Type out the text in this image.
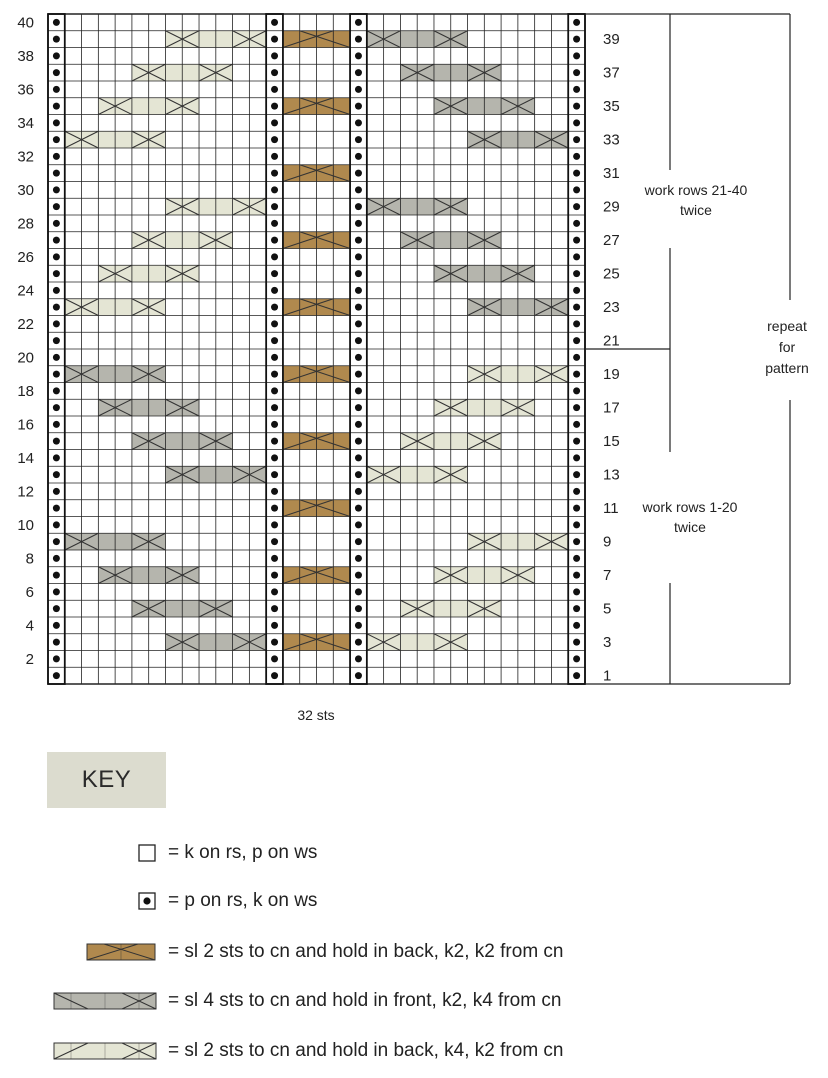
40
38
36
34
32
30
28
26
24
22
20
18
16
14
12
10
8
6
4
2
39
37
35
33
31
29
27
25
23
21
19
17
15
13
11
9
7
5
3
1
work rows 21-40 twice
work rows 1-20 twice
repeat for pattern
32 sts
KEY
= k on rs, p on ws
= p on rs, k on ws
= sl 2 sts to cn and hold in back, k2, k2 from cn
= sl 4 sts to cn and hold in front, k2, k4 from cn
= sl 2 sts to cn and hold in back, k4, k2 from cn
